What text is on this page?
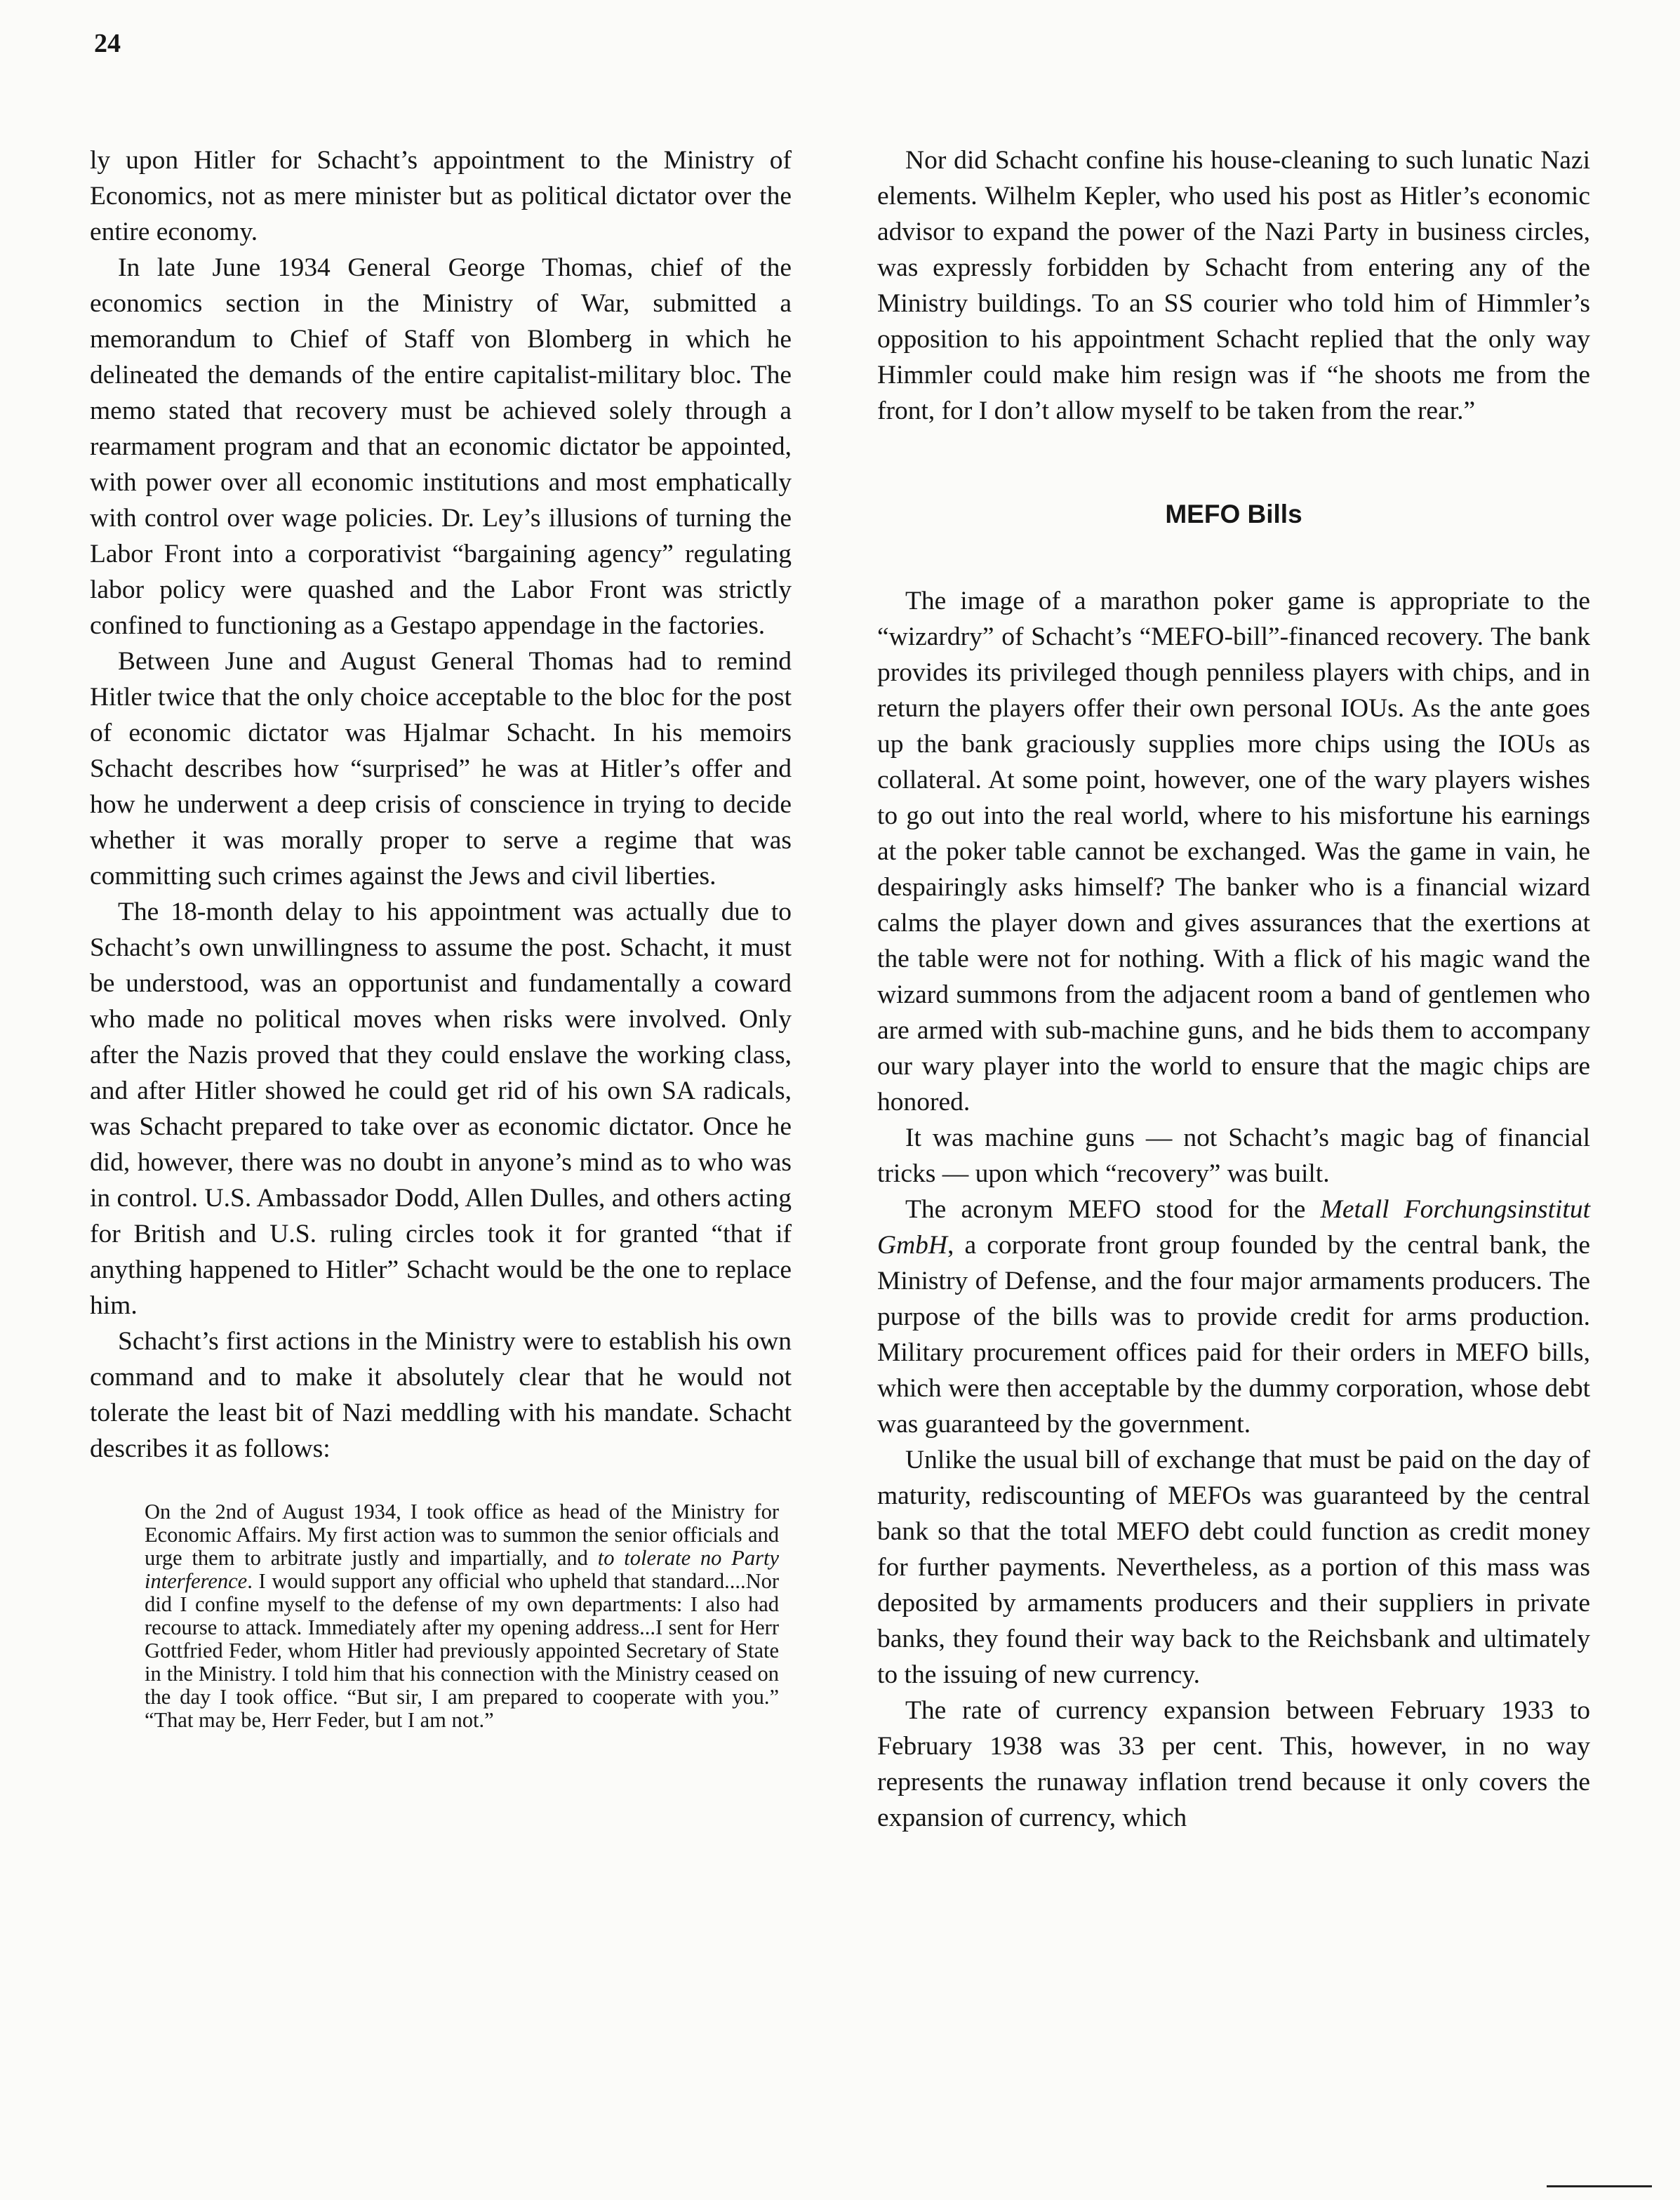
24

ly upon Hitler for Schacht’s appointment to the Ministry of Economics, not as mere minister but as political dictator over the entire economy.

In late June 1934 General George Thomas, chief of the economics section in the Ministry of War, submitted a memorandum to Chief of Staff von Blomberg in which he delineated the demands of the entire capitalist-military bloc. The memo stated that recovery must be achieved solely through a rearmament program and that an economic dictator be appointed, with power over all economic institutions and most emphatically with control over wage policies. Dr. Ley’s illusions of turning the Labor Front into a corporativist “bargaining agency” regulating labor policy were quashed and the Labor Front was strictly confined to functioning as a Gestapo appendage in the factories.

Between June and August General Thomas had to remind Hitler twice that the only choice acceptable to the bloc for the post of economic dictator was Hjalmar Schacht. In his memoirs Schacht describes how “surprised” he was at Hitler’s offer and how he underwent a deep crisis of conscience in trying to decide whether it was morally proper to serve a regime that was committing such crimes against the Jews and civil liberties.

The 18-month delay to his appointment was actually due to Schacht’s own unwillingness to assume the post. Schacht, it must be understood, was an opportunist and fundamentally a coward who made no political moves when risks were involved. Only after the Nazis proved that they could enslave the working class, and after Hitler showed he could get rid of his own SA radicals, was Schacht prepared to take over as economic dictator. Once he did, however, there was no doubt in anyone’s mind as to who was in control. U.S. Ambassador Dodd, Allen Dulles, and others acting for British and U.S. ruling circles took it for granted “that if anything happened to Hitler” Schacht would be the one to replace him.

Schacht’s first actions in the Ministry were to establish his own command and to make it absolutely clear that he would not tolerate the least bit of Nazi meddling with his mandate. Schacht describes it as follows:

On the 2nd of August 1934, I took office as head of the Ministry for Economic Affairs. My first action was to summon the senior officials and urge them to arbitrate justly and impartially, and to tolerate no Party interference. I would support any official who upheld that standard....Nor did I confine myself to the defense of my own departments: I also had recourse to attack. Immediately after my opening address...I sent for Herr Gottfried Feder, whom Hitler had previously appointed Secretary of State in the Ministry. I told him that his connection with the Ministry ceased on the day I took office. “But sir, I am prepared to cooperate with you.” “That may be, Herr Feder, but I am not.”

Nor did Schacht confine his house-cleaning to such lunatic Nazi elements. Wilhelm Kepler, who used his post as Hitler’s economic advisor to expand the power of the Nazi Party in business circles, was expressly forbidden by Schacht from entering any of the Ministry buildings. To an SS courier who told him of Himmler’s opposition to his appointment Schacht replied that the only way Himmler could make him resign was if “he shoots me from the front, for I don’t allow myself to be taken from the rear.”

MEFO Bills

The image of a marathon poker game is appropriate to the “wizardry” of Schacht’s “MEFO-bill”-financed recovery. The bank provides its privileged though penniless players with chips, and in return the players offer their own personal IOUs. As the ante goes up the bank graciously supplies more chips using the IOUs as collateral. At some point, however, one of the wary players wishes to go out into the real world, where to his misfortune his earnings at the poker table cannot be exchanged. Was the game in vain, he despairingly asks himself? The banker who is a financial wizard calms the player down and gives assurances that the exertions at the table were not for nothing. With a flick of his magic wand the wizard summons from the adjacent room a band of gentlemen who are armed with sub-machine guns, and he bids them to accompany our wary player into the world to ensure that the magic chips are honored.

It was machine guns — not Schacht’s magic bag of financial tricks — upon which “recovery” was built.

The acronym MEFO stood for the Metall Forchungsinstitut GmbH, a corporate front group founded by the central bank, the Ministry of Defense, and the four major armaments producers. The purpose of the bills was to provide credit for arms production. Military procurement offices paid for their orders in MEFO bills, which were then acceptable by the dummy corporation, whose debt was guaranteed by the government.

Unlike the usual bill of exchange that must be paid on the day of maturity, rediscounting of MEFOs was guaranteed by the central bank so that the total MEFO debt could function as credit money for further payments. Nevertheless, as a portion of this mass was deposited by armaments producers and their suppliers in private banks, they found their way back to the Reichsbank and ultimately to the issuing of new currency.

The rate of currency expansion between February 1933 to February 1938 was 33 per cent. This, however, in no way represents the runaway inflation trend because it only covers the expansion of currency, which
